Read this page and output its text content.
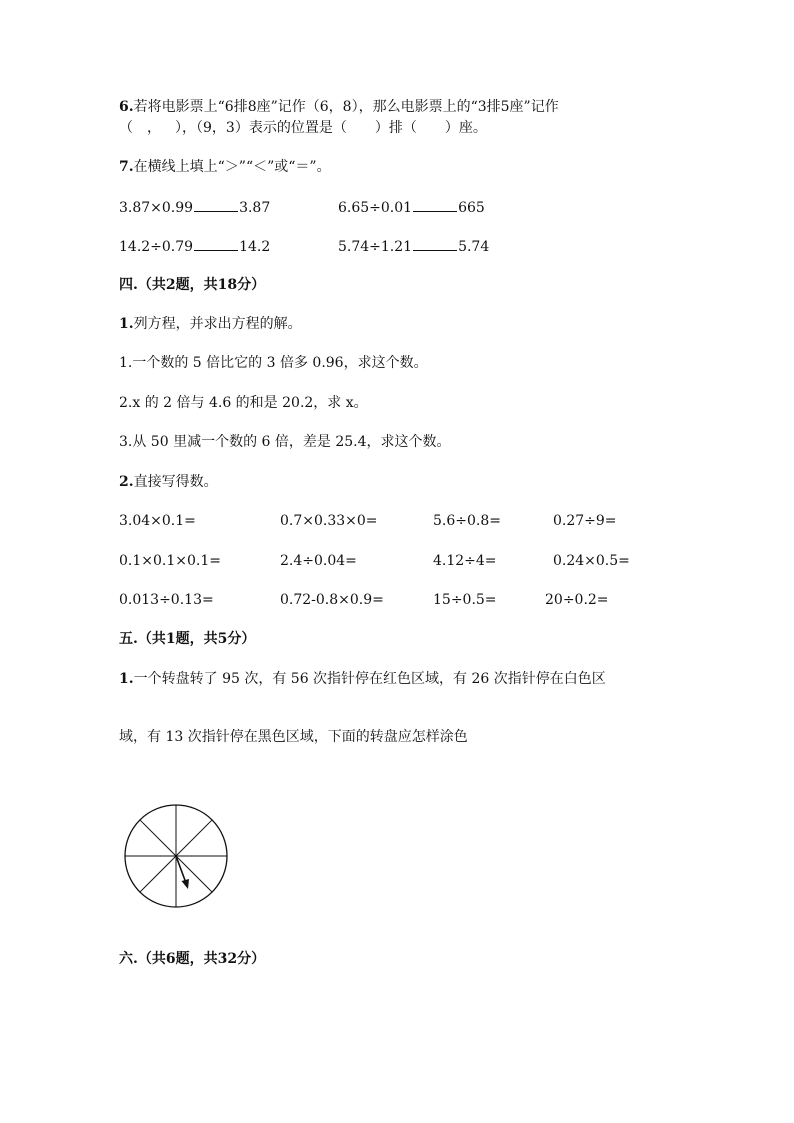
6.若将电影票上“6排8座”记作（6，8），那么电影票上的“3排5座”记作
（ ， ），（9，3）表示的位置是（ ）排（ ）座。
7.在横线上填上“＞”“＜”或“＝”。
3.87×0.99	3.87	6.65÷0.01	665
14.2÷0.79	14.2	5.74÷1.21	5.74
四.（共2题，共18分）
1.列方程，并求出方程的解。
1.一个数的 5 倍比它的 3 倍多 0.96，求这个数。
2.x 的 2 倍与 4.6 的和是 20.2，求 x。
3.从 50 里减一个数的 6 倍，差是 25.4，求这个数。
2.直接写得数。
3.04×0.1=	0.7×0.33×0=	5.6÷0.8=	0.27÷9=
0.1×0.1×0.1=	2.4÷0.04=	4.12÷4=	0.24×0.5=
0.013÷0.13=	0.72-0.8×0.9=	15÷0.5=	20÷0.2=
五.（共1题，共5分）
1.一个转盘转了 95 次，有 56 次指针停在红色区域，有 26 次指针停在白色区
域，有 13 次指针停在黑色区域，下面的转盘应怎样涂色
六.（共6题，共32分）
